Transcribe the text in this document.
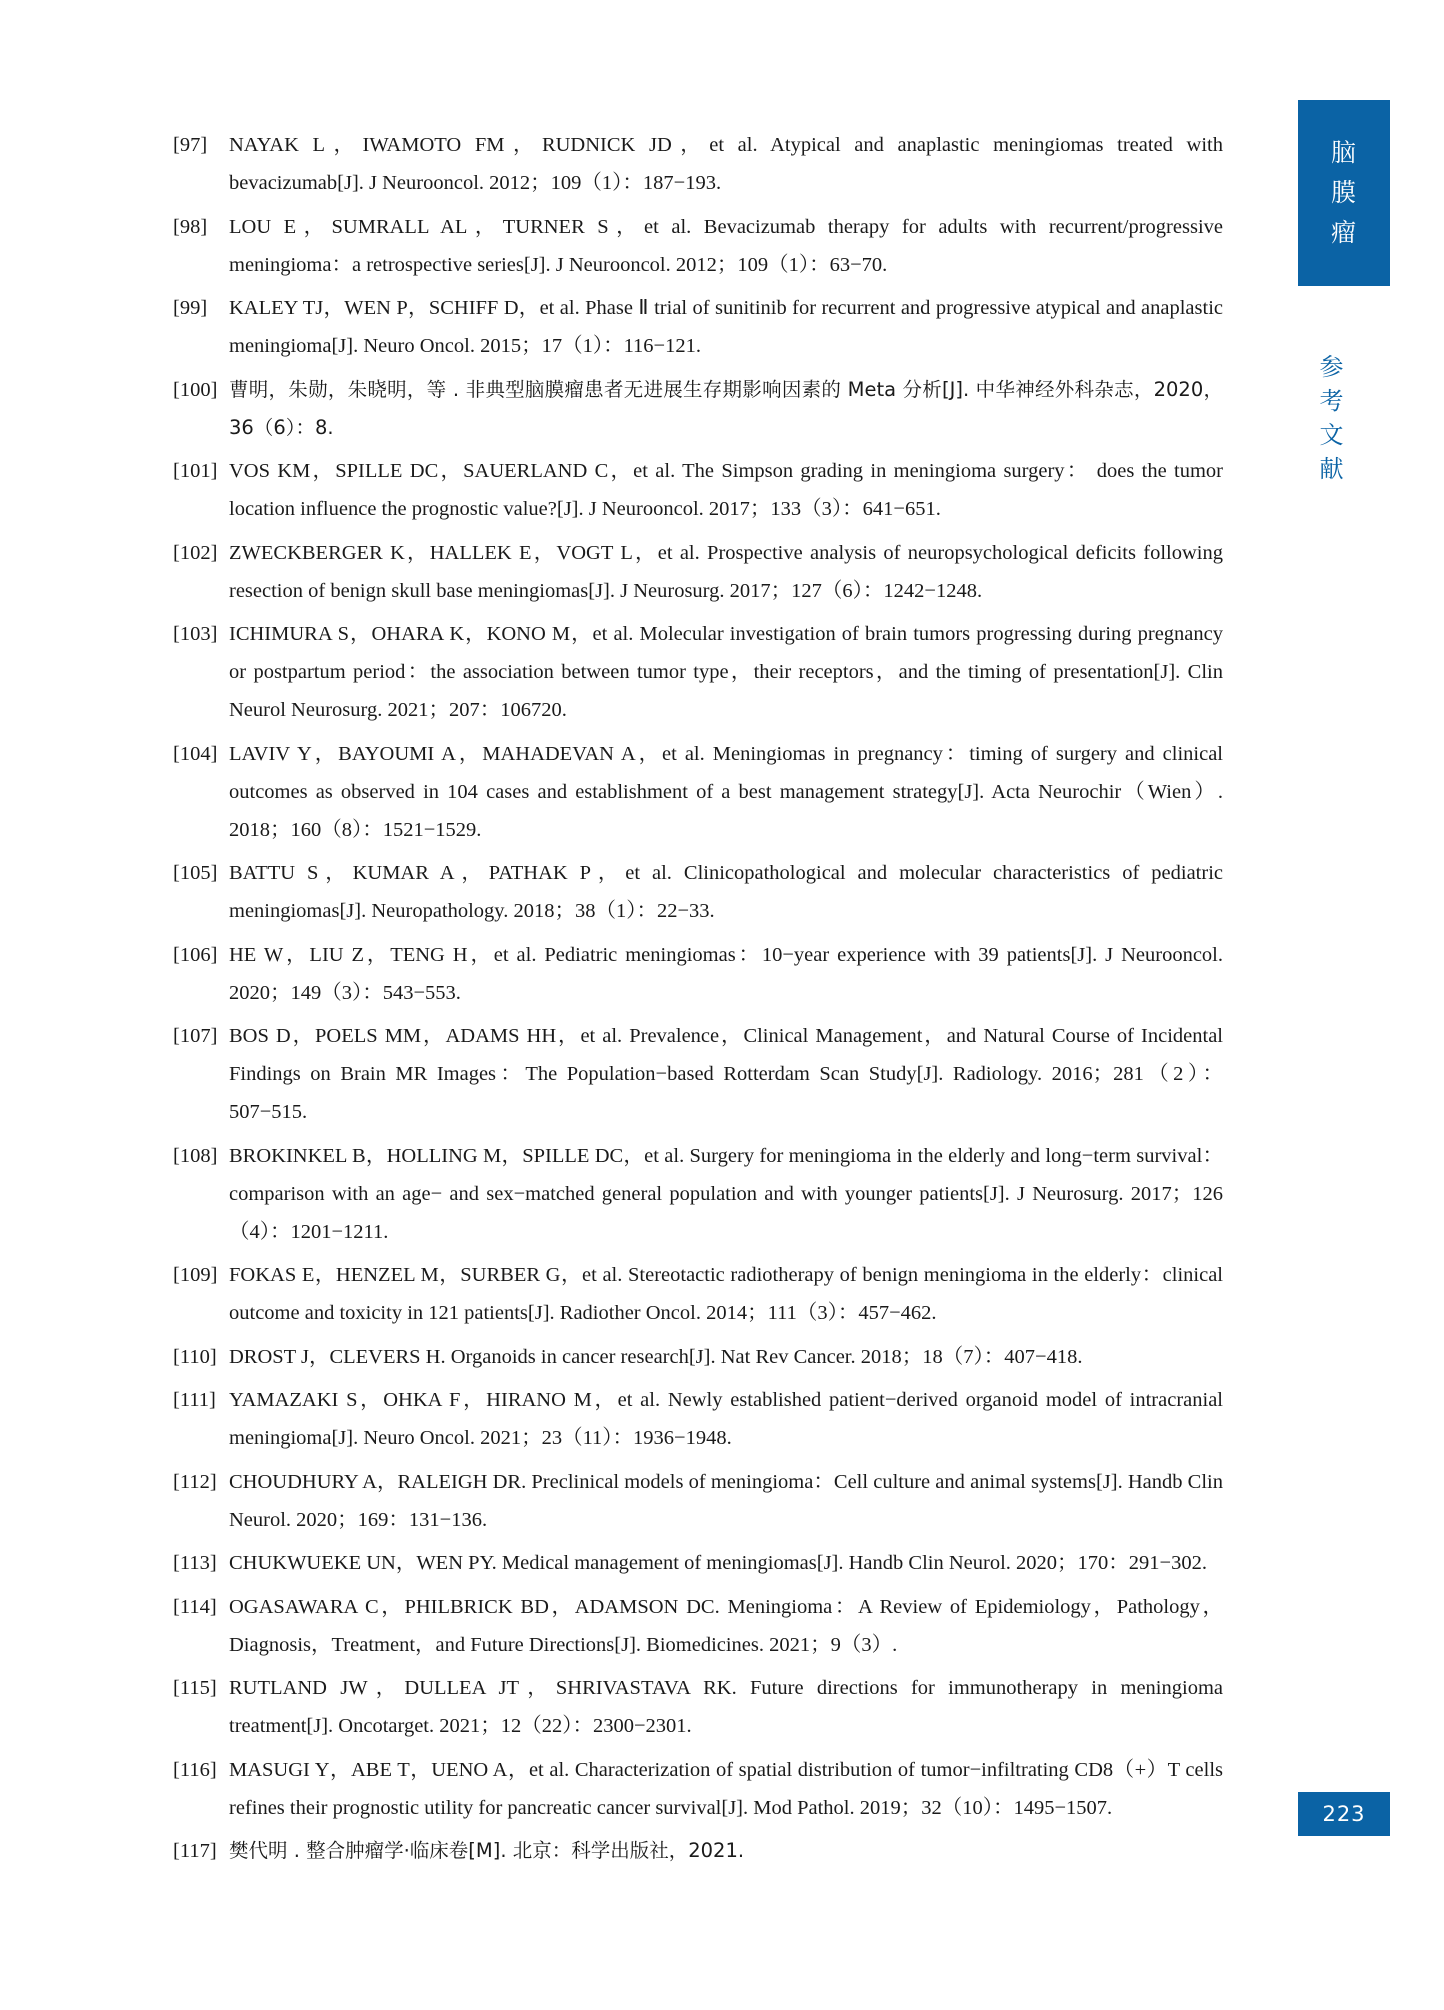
脑
膜
瘤
参
考
文
献
[97]	NAYAK L，IWAMOTO FM，RUDNICK JD，et al. Atypical and anaplastic meningiomas treated with bevacizumab[J]. J Neurooncol. 2012；109（1）：187−193.
[98]	LOU E，SUMRALL AL，TURNER S，et al. Bevacizumab therapy for adults with recurrent/progressive meningioma：a retrospective series[J]. J Neurooncol. 2012；109（1）：63−70.
[99]	KALEY TJ，WEN P，SCHIFF D，et al. Phase Ⅱ trial of sunitinib for recurrent and progressive atypical and anaplastic meningioma[J]. Neuro Oncol. 2015；17（1）：116−121.
[100] 曹明，朱勋，朱晓明，等 . 非典型脑膜瘤患者无进展生存期影响因素的 Meta 分析[J]. 中华神经外科杂志，2020，36（6）：8.
[101] VOS KM，SPILLE DC，SAUERLAND C，et al. The Simpson grading in meningioma surgery： does the tumor location influence the prognostic value?[J]. J Neurooncol. 2017；133（3）：641−651.
[102] ZWECKBERGER K，HALLEK E，VOGT L，et al. Prospective analysis of neuropsychological deficits following resection of benign skull base meningiomas[J]. J Neurosurg. 2017；127（6）：1242−1248.
[103] ICHIMURA S，OHARA K，KONO M，et al. Molecular investigation of brain tumors progressing during pregnancy or postpartum period：the association between tumor type，their receptors，and the timing of presentation[J]. Clin Neurol Neurosurg. 2021；207：106720.
[104] LAVIV Y，BAYOUMI A，MAHADEVAN A，et al. Meningiomas in pregnancy：timing of surgery and clinical outcomes as observed in 104 cases and establishment of a best management strategy[J]. Acta Neurochir（Wien）. 2018；160（8）：1521−1529.
[105] BATTU S，KUMAR A，PATHAK P，et al. Clinicopathological and molecular characteristics of pediatric meningiomas[J]. Neuropathology. 2018；38（1）：22−33.
[106] HE W，LIU Z，TENG H，et al. Pediatric meningiomas：10−year experience with 39 patients[J]. J Neurooncol. 2020；149（3）：543−553.
[107] BOS D，POELS MM，ADAMS HH，et al. Prevalence，Clinical Management，and Natural Course of Incidental Findings on Brain MR Images：The Population−based Rotterdam Scan Study[J]. Radiology. 2016；281（2）：507−515.
[108] BROKINKEL B，HOLLING M，SPILLE DC，et al. Surgery for meningioma in the elderly and long−term survival：comparison with an age− and sex−matched general population and with younger patients[J]. J Neurosurg. 2017；126（4）：1201−1211.
[109] FOKAS E，HENZEL M，SURBER G，et al. Stereotactic radiotherapy of benign meningioma in the elderly：clinical outcome and toxicity in 121 patients[J]. Radiother Oncol. 2014；111（3）：457−462.
[110] DROST J，CLEVERS H. Organoids in cancer research[J]. Nat Rev Cancer. 2018；18（7）：407−418.
[111] YAMAZAKI S，OHKA F，HIRANO M，et al. Newly established patient−derived organoid model of intracranial meningioma[J]. Neuro Oncol. 2021；23（11）：1936−1948.
[112] CHOUDHURY A，RALEIGH DR. Preclinical models of meningioma：Cell culture and animal systems[J]. Handb Clin Neurol. 2020；169：131−136.
[113] CHUKWUEKE UN，WEN PY. Medical management of meningiomas[J]. Handb Clin Neurol. 2020；170：291−302.
[114] OGASAWARA C，PHILBRICK BD，ADAMSON DC. Meningioma：A Review of Epidemiology，Pathology，Diagnosis，Treatment，and Future Directions[J]. Biomedicines. 2021；9（3）.
[115] RUTLAND JW，DULLEA JT，SHRIVASTAVA RK. Future directions for immunotherapy in meningioma treatment[J]. Oncotarget. 2021；12（22）：2300−2301.
[116] MASUGI Y，ABE T，UENO A，et al. Characterization of spatial distribution of tumor−infiltrating CD8（+）T cells refines their prognostic utility for pancreatic cancer survival[J]. Mod Pathol. 2019；32（10）：1495−1507.
[117] 樊代明 . 整合肿瘤学·临床卷[M]. 北京：科学出版社，2021.
223
